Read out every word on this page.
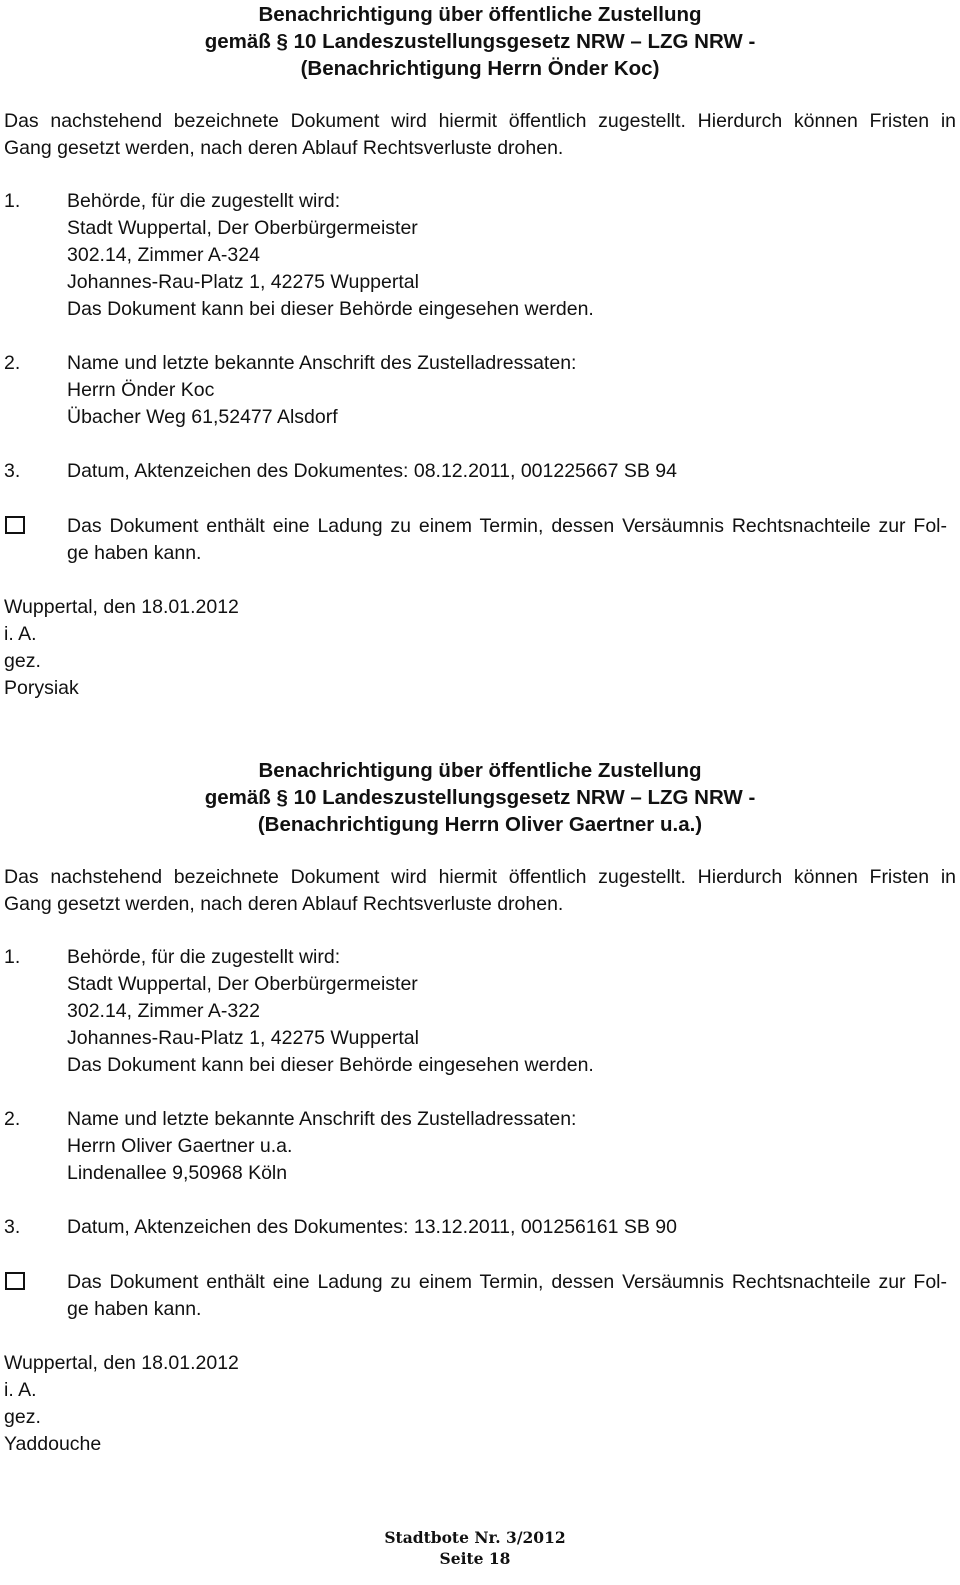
Benachrichtigung über öffentliche Zustellung
gemäß § 10 Landeszustellungsgesetz NRW – LZG NRW -
(Benachrichtigung Herrn Önder Koc)
Das nachstehend bezeichnete Dokument wird hiermit öffentlich zugestellt. Hierdurch können Fristen in
Gang gesetzt werden, nach deren Ablauf Rechtsverluste drohen.
1. Behörde, für die zugestellt wird:
Stadt Wuppertal, Der Oberbürgermeister
302.14, Zimmer A-324
Johannes-Rau-Platz 1, 42275 Wuppertal
Das Dokument kann bei dieser Behörde eingesehen werden.
2. Name und letzte bekannte Anschrift des Zustelladressaten:
Herrn Önder Koc
Übacher Weg 61,52477 Alsdorf
3. Datum, Aktenzeichen des Dokumentes: 08.12.2011, 001225667 SB 94
Das Dokument enthält eine Ladung zu einem Termin, dessen Versäumnis Rechtsnachteile zur Fol-
ge haben kann.
Wuppertal, den 18.01.2012
i. A.
gez.
Porysiak
Benachrichtigung über öffentliche Zustellung
gemäß § 10 Landeszustellungsgesetz NRW – LZG NRW -
(Benachrichtigung Herrn Oliver Gaertner u.a.)
Das nachstehend bezeichnete Dokument wird hiermit öffentlich zugestellt. Hierdurch können Fristen in
Gang gesetzt werden, nach deren Ablauf Rechtsverluste drohen.
1. Behörde, für die zugestellt wird:
Stadt Wuppertal, Der Oberbürgermeister
302.14, Zimmer A-322
Johannes-Rau-Platz 1, 42275 Wuppertal
Das Dokument kann bei dieser Behörde eingesehen werden.
2. Name und letzte bekannte Anschrift des Zustelladressaten:
Herrn Oliver Gaertner u.a.
Lindenallee 9,50968 Köln
3. Datum, Aktenzeichen des Dokumentes: 13.12.2011, 001256161 SB 90
Das Dokument enthält eine Ladung zu einem Termin, dessen Versäumnis Rechtsnachteile zur Fol-
ge haben kann.
Wuppertal, den 18.01.2012
i. A.
gez.
Yaddouche
Stadtbote Nr. 3/2012
Seite 18
